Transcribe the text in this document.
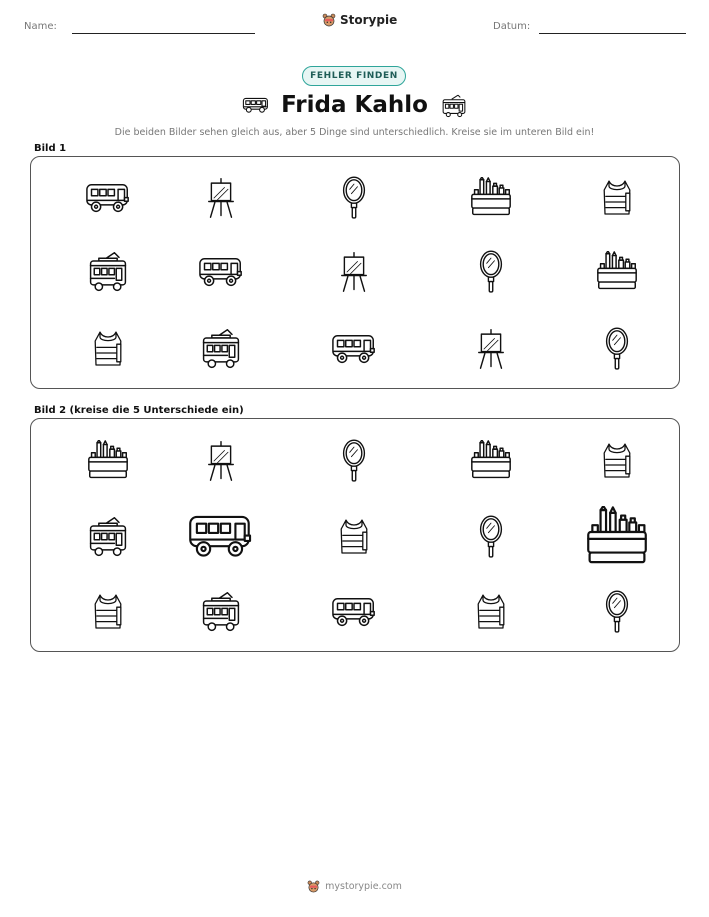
Name:	Storypie	Datum:
FEHLER FINDEN
Frida Kahlo
Die beiden Bilder sehen gleich aus, aber 5 Dinge sind unterschiedlich. Kreise sie im unteren Bild ein!
Bild 1
Bild 2 (kreise die 5 Unterschiede ein)
mystorypie.com
